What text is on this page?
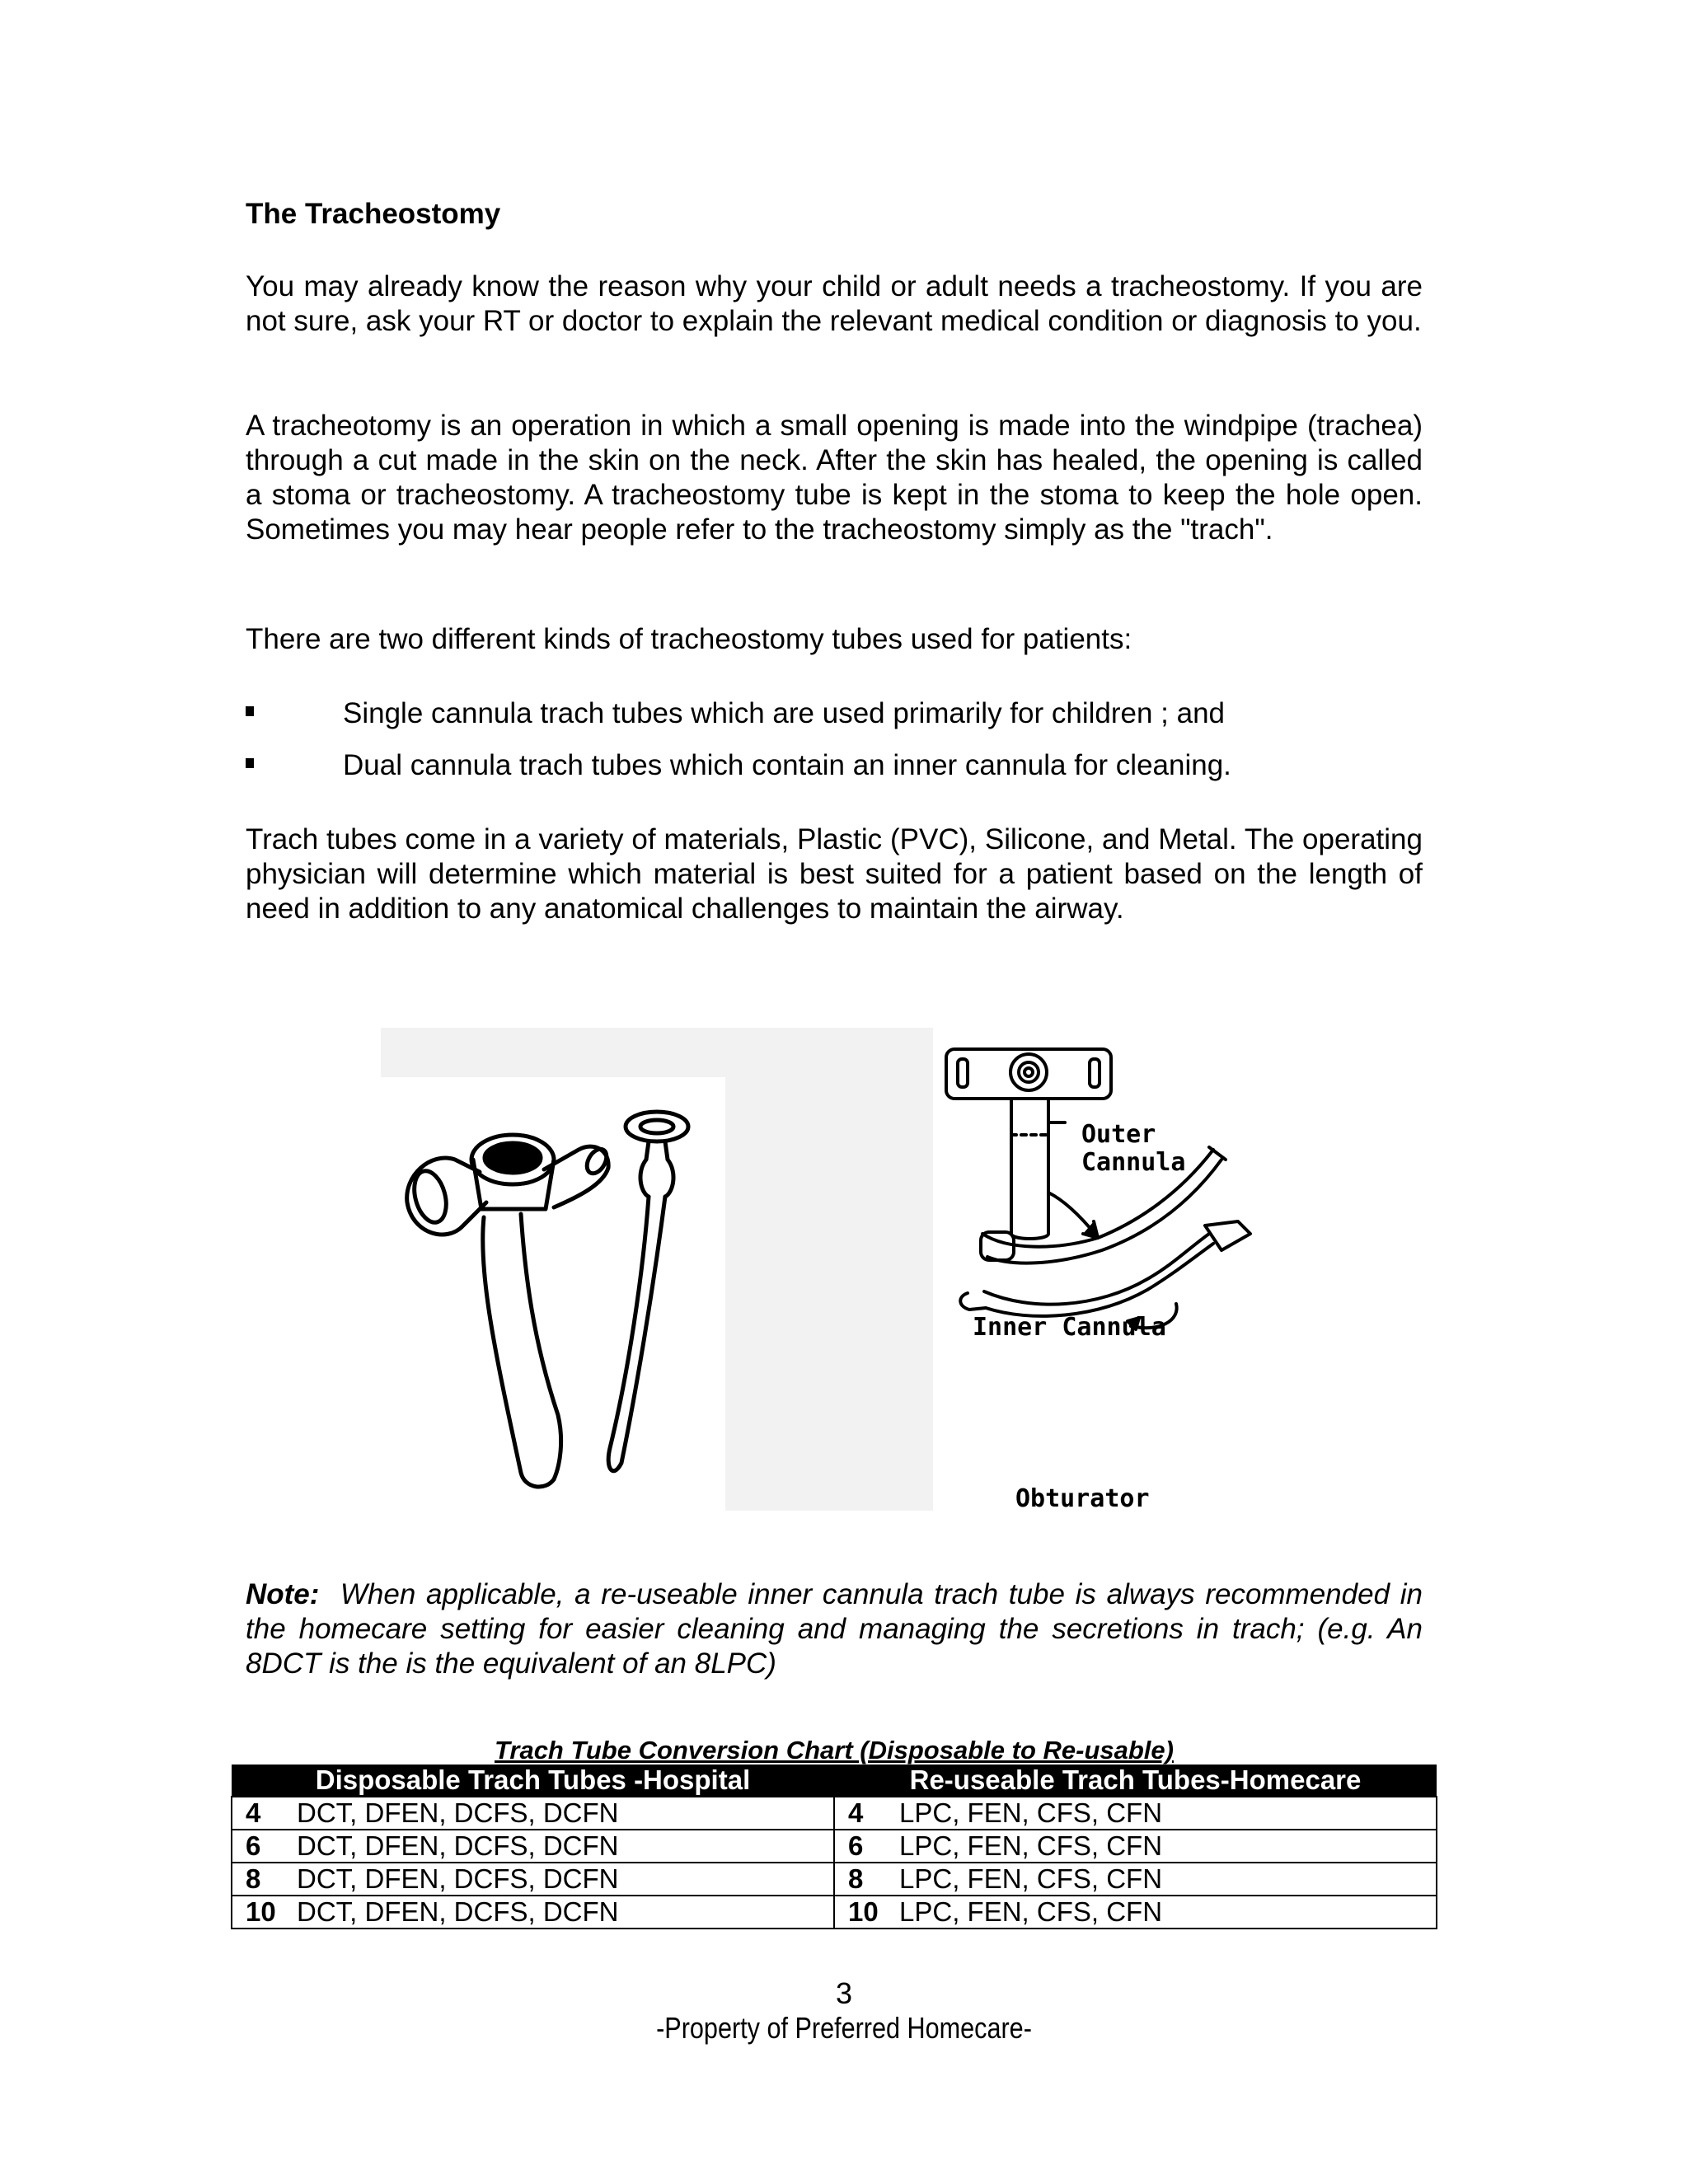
The Tracheostomy

You may already know the reason why your child or adult needs a tracheostomy. If you are not sure, ask your RT or doctor to explain the relevant medical condition or diagnosis to you.

A tracheotomy is an operation in which a small opening is made into the windpipe (trachea) through a cut made in the skin on the neck. After the skin has healed, the opening is called a stoma or tracheostomy. A tracheostomy tube is kept in the stoma to keep the hole open. Sometimes you may hear people refer to the tracheostomy simply as the "trach".

There are two different kinds of tracheostomy tubes used for patients:

Single cannula trach tubes which are used primarily for children ; and
Dual cannula trach tubes which contain an inner cannula for cleaning.

Trach tubes come in a variety of materials, Plastic (PVC), Silicone, and Metal. The operating physician will determine which material is best suited for a patient based on the length of need in addition to any anatomical challenges to maintain the airway.

Outer
Cannula
Inner Cannula
Obturator
Note: When applicable, a re-useable inner cannula trach tube is always recommended in the homecare setting for easier cleaning and managing the secretions in trach; (e.g. An 8DCT is the is the equivalent of an 8LPC)
Trach Tube Conversion Chart (Disposable to Re-usable)
Disposable Trach Tubes -Hospital	Re-useable Trach Tubes-Homecare
4 DCT, DFEN, DCFS, DCFN	4 LPC, FEN, CFS, CFN
6 DCT, DFEN, DCFS, DCFN	6 LPC, FEN, CFS, CFN
8 DCT, DFEN, DCFS, DCFN	8 LPC, FEN, CFS, CFN
10 DCT, DFEN, DCFS, DCFN	10 LPC, FEN, CFS, CFN
3
-Property of Preferred Homecare-
